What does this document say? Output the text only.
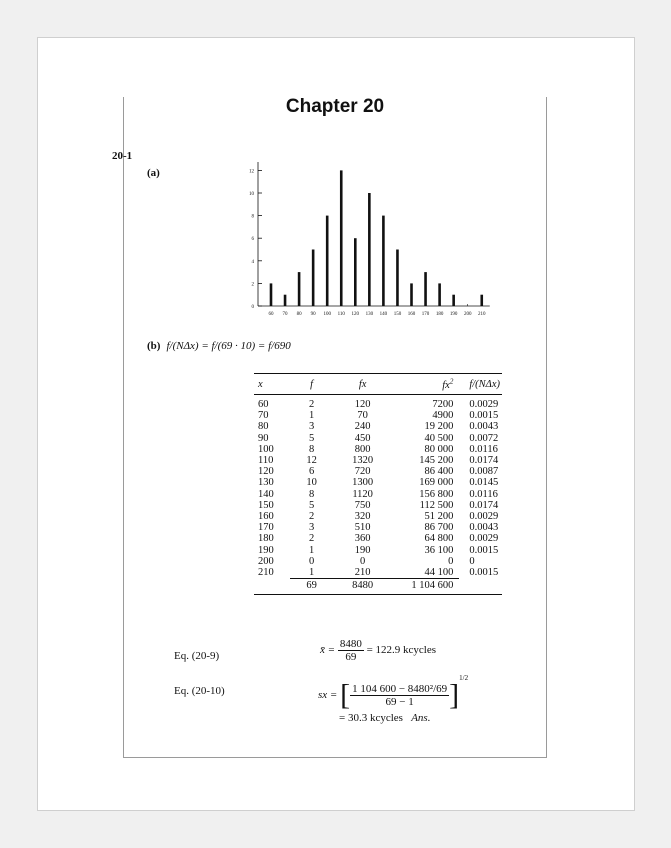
Chapter 20
20-1
(a)
0
2
4
6
8
10
12
60 70 80 90 100 110 120 130 140 150 160 170 180 190 200 210
(b) f/(NΔx) = f/(69 · 10) = f/690
x	f	fx	$fx^2$	f/(NΔx)
60	2	120	7200	0.0029
70	1	70	4900	0.0015
80	3	240	19 200	0.0043
90	5	450	40 500	0.0072
100	8	800	80 000	0.0116
110	12	1320	145 200	0.0174
120	6	720	86 400	0.0087
130	10	1300	169 000	0.0145
140	8	1120	156 800	0.0116
150	5	750	112 500	0.0174
160	2	320	51 200	0.0029
170	3	510	86 700	0.0043
180	2	360	64 800	0.0029
190	1	190	36 100	0.0015
200	0	0	0	0
210	1	210	44 100	0.0015
	69	8480	1 104 600	
Eq. (20-9)	x̄ = $\frac{8480}{69} = 122.9$ kcycles
Eq. (20-10)	sx = [ $\frac{\text{1 104 600 − 8480²/69}}{69 - 1} ]^{1/2}$
= 30.3 kcycles Ans.
